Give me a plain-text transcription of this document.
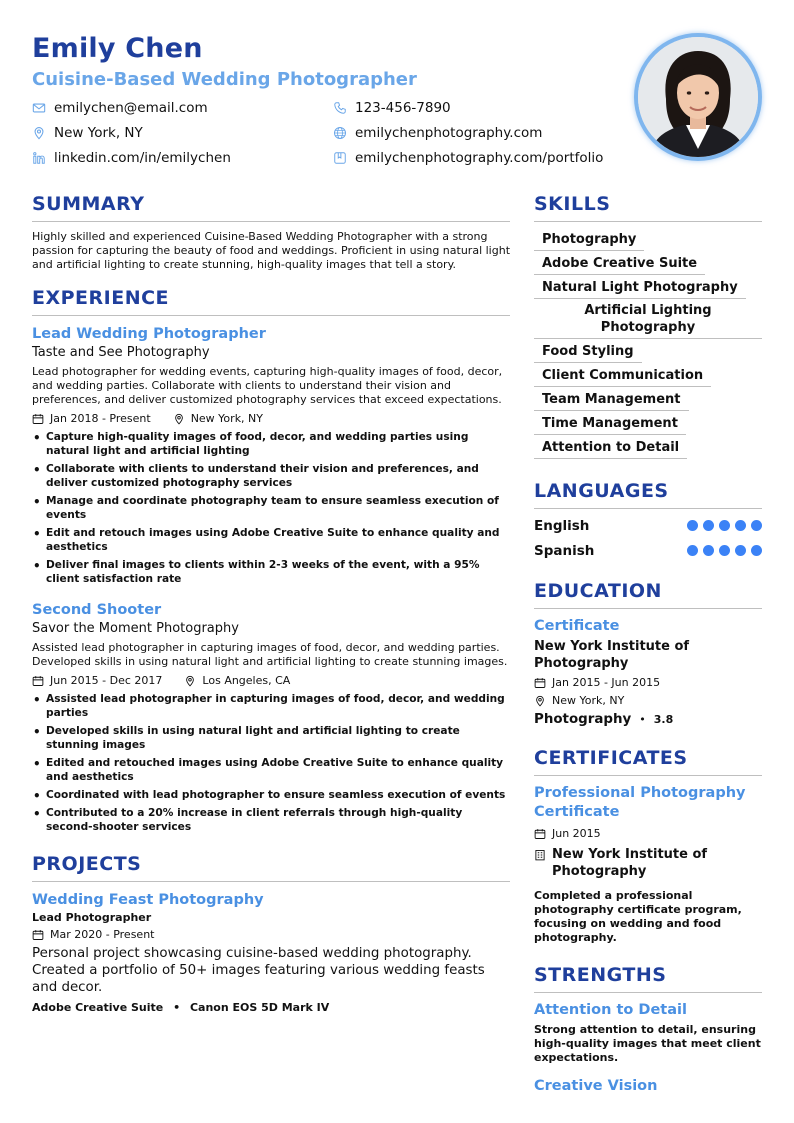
Emily Chen
Cuisine-Based Wedding Photographer
emilychen@email.com	123-456-7890
New York, NY	emilychenphotography.com
linkedin.com/in/emilychen	emilychenphotography.com/portfolio
SUMMARY
Highly skilled and experienced Cuisine-Based Wedding Photographer with a strong passion for capturing the beauty of food and weddings. Proficient in using natural light and artificial lighting to create stunning, high-quality images that tell a story.
EXPERIENCE
Lead Wedding Photographer
Taste and See Photography
Lead photographer for wedding events, capturing high-quality images of food, decor, and wedding parties. Collaborate with clients to understand their vision and preferences, and deliver customized photography services that exceed expectations.
Jan 2018 - Present	New York, NY
• Capture high-quality images of food, decor, and wedding parties using natural light and artificial lighting
• Collaborate with clients to understand their vision and preferences, and deliver customized photography services
• Manage and coordinate photography team to ensure seamless execution of events
• Edit and retouch images using Adobe Creative Suite to enhance quality and aesthetics
• Deliver final images to clients within 2-3 weeks of the event, with a 95% client satisfaction rate
Second Shooter
Savor the Moment Photography
Assisted lead photographer in capturing images of food, decor, and wedding parties. Developed skills in using natural light and artificial lighting to create stunning images.
Jun 2015 - Dec 2017	Los Angeles, CA
• Assisted lead photographer in capturing images of food, decor, and wedding parties
• Developed skills in using natural light and artificial lighting to create stunning images
• Edited and retouched images using Adobe Creative Suite to enhance quality and aesthetics
• Coordinated with lead photographer to ensure seamless execution of events
• Contributed to a 20% increase in client referrals through high-quality second-shooter services
PROJECTS
Wedding Feast Photography
Lead Photographer
Mar 2020 - Present
Personal project showcasing cuisine-based wedding photography. Created a portfolio of 50+ images featuring various wedding feasts and decor.
Adobe Creative Suite • Canon EOS 5D Mark IV
SKILLS
Photography
Adobe Creative Suite
Natural Light Photography
Artificial Lighting Photography
Food Styling
Client Communication
Team Management
Time Management
Attention to Detail
LANGUAGES
English
Spanish
EDUCATION
Certificate
New York Institute of Photography
Jan 2015 - Jun 2015
New York, NY
Photography • 3.8
CERTIFICATES
Professional Photography Certificate
Jun 2015
New York Institute of Photography
Completed a professional photography certificate program, focusing on wedding and food photography.
STRENGTHS
Attention to Detail
Strong attention to detail, ensuring high-quality images that meet client expectations.
Creative Vision
